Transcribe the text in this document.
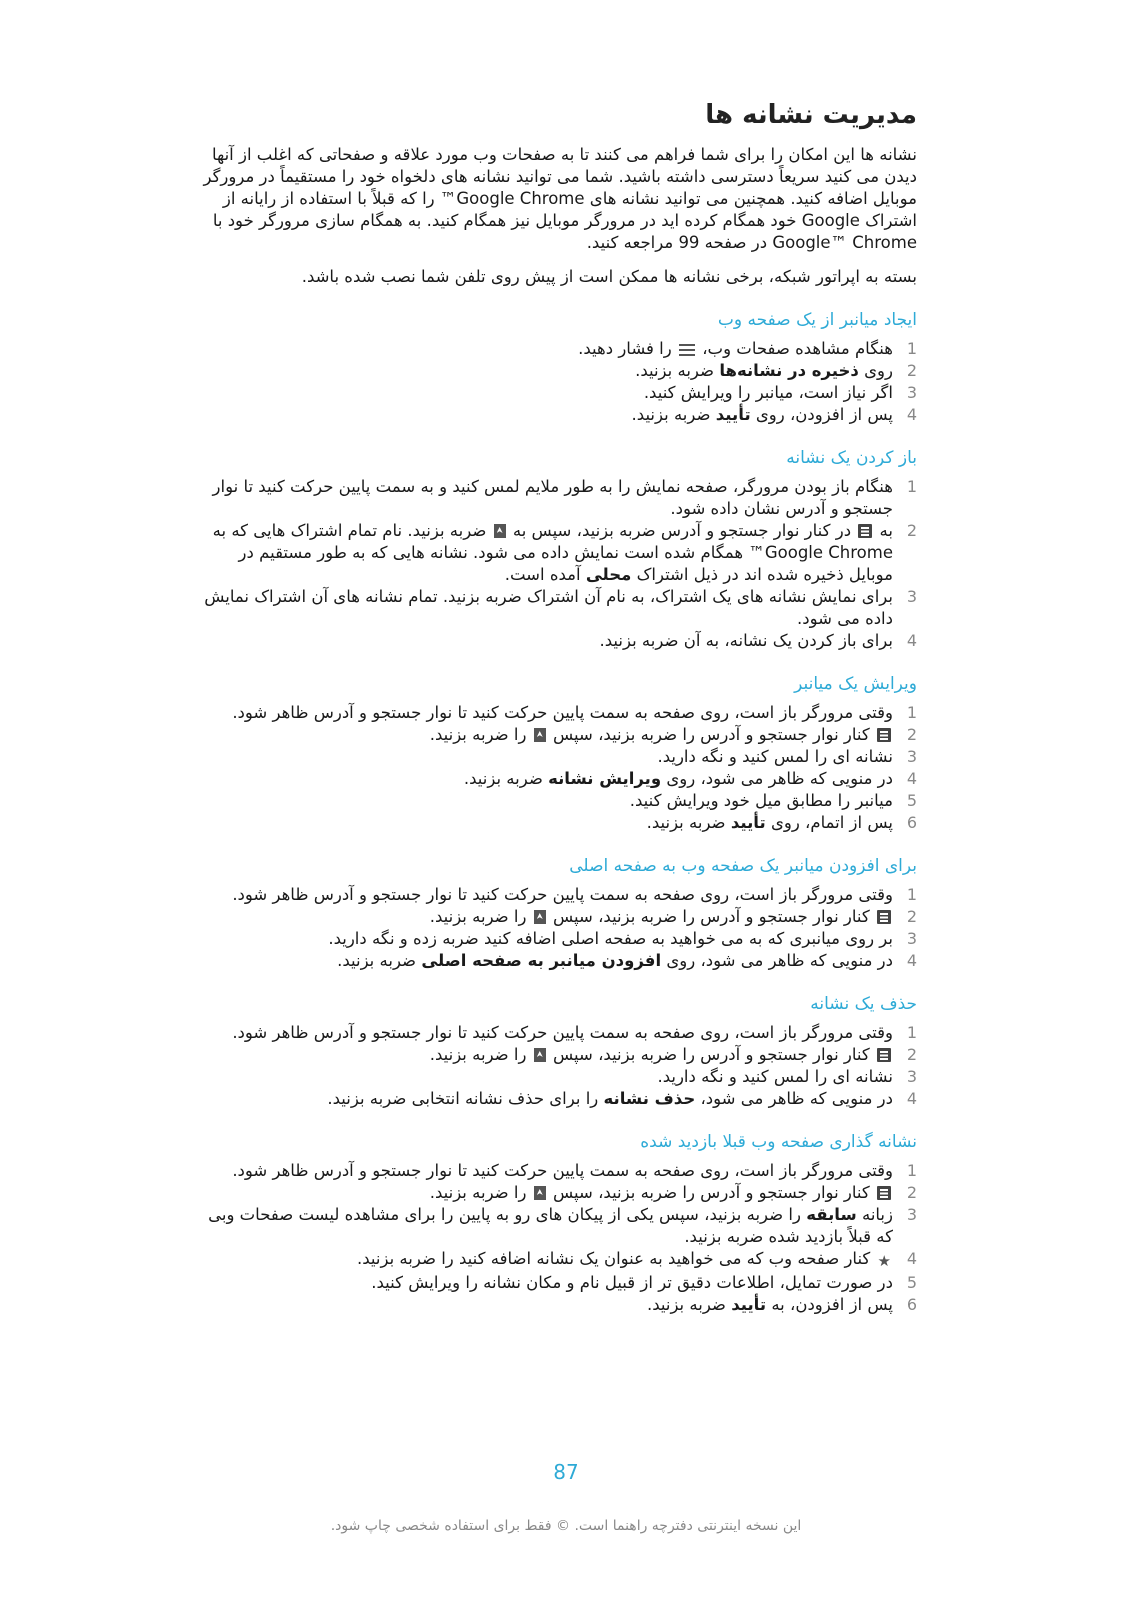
مدیریت نشانه ها

نشانه ها این امکان را برای شما فراهم می کنند تا به صفحات وب مورد علاقه و صفحاتی که اغلب از آنها دیدن می کنید سریعاً دسترسی داشته باشید. شما می توانید نشانه های دلخواه خود را مستقیماً در مرورگر موبایل اضافه کنید. همچنین می توانید نشانه های Google Chrome™ را که قبلاً با استفاده از رایانه از اشتراک Google خود همگام کرده اید در مرورگر موبایل نیز همگام کنید. به همگام سازی مرورگر خود با Google™ Chrome در صفحه 99 مراجعه کنید.

بسته به اپراتور شبکه، برخی نشانه ها ممکن است از پیش روی تلفن شما نصب شده باشد.

ایجاد میانبر از یک صفحه وب
1
هنگام مشاهده صفحات وب،  را فشار دهید.
2
روی ذخیره در نشانه‌ها ضربه بزنید.
3
اگر نیاز است، میانبر را ویرایش کنید.
4
پس از افزودن، روی تأیید ضربه بزنید.
باز کردن یک نشانه
1
هنگام باز بودن مرورگر، صفحه نمایش را به طور ملایم لمس کنید و به سمت پایین حرکت کنید تا نوار جستجو و آدرس نشان داده شود.
2
به  در کنار نوار جستجو و آدرس ضربه بزنید، سپس به  ضربه بزنید. نام تمام اشتراک هایی که به Google Chrome™ همگام شده است نمایش داده می شود. نشانه هایی که به طور مستقیم در موبایل ذخیره شده اند در ذیل اشتراک محلی آمده است.
3
برای نمایش نشانه های یک اشتراک، به نام آن اشتراک ضربه بزنید. تمام نشانه های آن اشتراک نمایش داده می شود.
4
برای باز کردن یک نشانه، به آن ضربه بزنید.
ویرایش یک میانبر
1
وقتی مرورگر باز است، روی صفحه به سمت پایین حرکت کنید تا نوار جستجو و آدرس ظاهر شود.
2
کنار نوار جستجو و آدرس را ضربه بزنید، سپس  را ضربه بزنید.
3
نشانه ای را لمس کنید و نگه دارید.
4
در منویی که ظاهر می شود، روی ویرایش نشانه ضربه بزنید.
5
میانبر را مطابق میل خود ویرایش کنید.
6
پس از اتمام، روی تأیید ضربه بزنید.
برای افزودن میانبر یک صفحه وب به صفحه اصلی
1
وقتی مرورگر باز است، روی صفحه به سمت پایین حرکت کنید تا نوار جستجو و آدرس ظاهر شود.
2
کنار نوار جستجو و آدرس را ضربه بزنید، سپس  را ضربه بزنید.
3
بر روی میانبری که به می خواهید به صفحه اصلی اضافه کنید ضربه زده و نگه دارید.
4
در منویی که ظاهر می شود، روی افزودن میانبر به صفحه اصلی ضربه بزنید.
حذف یک نشانه
1
وقتی مرورگر باز است، روی صفحه به سمت پایین حرکت کنید تا نوار جستجو و آدرس ظاهر شود.
2
کنار نوار جستجو و آدرس را ضربه بزنید، سپس  را ضربه بزنید.
3
نشانه ای را لمس کنید و نگه دارید.
4
در منویی که ظاهر می شود، حذف نشانه را برای حذف نشانه انتخابی ضربه بزنید.
نشانه گذاری صفحه وب قبلا بازدید شده
1
وقتی مرورگر باز است، روی صفحه به سمت پایین حرکت کنید تا نوار جستجو و آدرس ظاهر شود.
2
کنار نوار جستجو و آدرس را ضربه بزنید، سپس  را ضربه بزنید.
3
زبانه سابقه را ضربه بزنید، سپس یکی از پیکان های رو به پایین را برای مشاهده لیست صفحات وبی که قبلاً بازدید شده ضربه بزنید.
4
★ کنار صفحه وب که می خواهید به عنوان یک نشانه اضافه کنید را ضربه بزنید.
5
در صورت تمایل، اطلاعات دقیق تر از قبیل نام و مکان نشانه را ویرایش کنید.
6
پس از افزودن، به تأیید ضربه بزنید.
87
این نسخه اینترنتی دفترچه راهنما است. © فقط برای استفاده شخصی چاپ شود.
